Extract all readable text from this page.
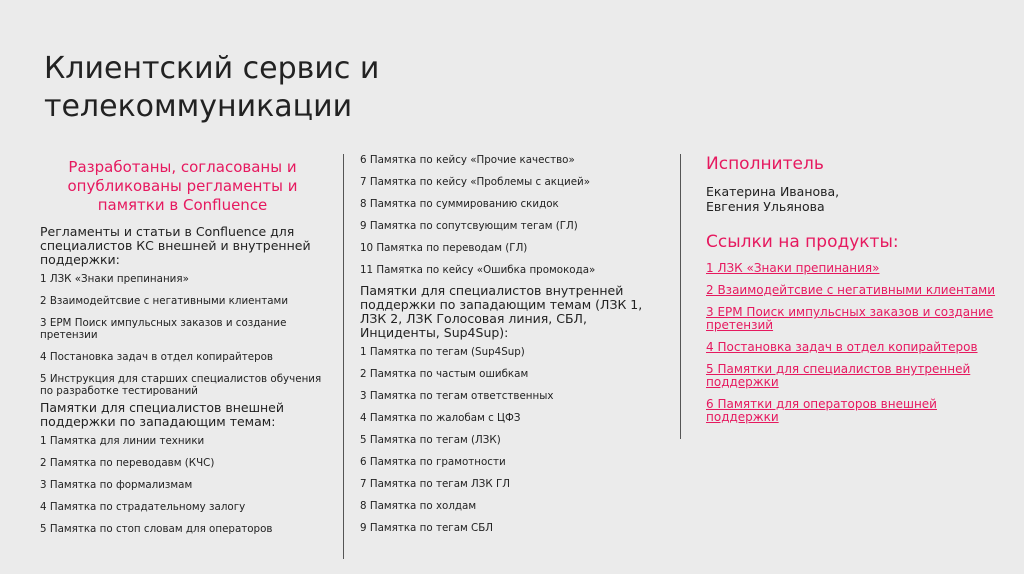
Клиентский сервис и
телекоммуникации
Разработаны, согласованы и опубликованы регламенты и памятки в Confluence
Регламенты и статьи в Confluence для специалистов КС внешней и внутренней поддержки:
1 ЛЗК «Знаки препинания»
2 Взаимодейтсвие с негативными клиентами
3 ЕРМ Поиск импульсных заказов и создание претензии
4 Постановка задач в отдел копирайтеров
5 Инструкция для старших специалистов обучения по разработке тестирований
Памятки для специалистов внешней поддержки по западающим темам:
1 Памятка для линии техники
2 Памятка по переводавм (КЧС)
3 Памятка по формализмам
4 Памятка по страдательному залогу
5 Памятка по стоп словам для операторов
6 Памятка по кейсу «Прочие качество»
7 Памятка по кейсу «Проблемы с акцией»
8 Памятка по суммированию скидок
9 Памятка по сопутсвующим тегам (ГЛ)
10 Памятка по переводам (ГЛ)
11 Памятка по кейсу «Ошибка промокода»
Памятки для специалистов внутренней поддержки по западающим темам (ЛЗК 1, ЛЗК 2, ЛЗК Голосовая линия, СБЛ, Инциденты, Sup4Sup):
1 Памятка по тегам (Sup4Sup)
2 Памятка по частым ошибкам
3 Памятка по тегам ответственных
4 Памятка по жалобам с ЦФЗ
5 Памятка по тегам (ЛЗК)
6 Памятка по грамотности
7 Памятка по тегам ЛЗК ГЛ
8 Памятка по холдам
9 Памятка по тегам СБЛ
Исполнитель
Екатерина Иванова,
Евгения Ульянова
Ссылки на продукты:
1 ЛЗК «Знаки препинания»
2 Взаимодейтсвие с негативными клиентами
3 ЕРМ Поиск импульсных заказов и создание претензий
4 Постановка задач в отдел копирайтеров
5 Памятки для специалистов внутренней поддержки
6 Памятки для операторов внешней поддержки
